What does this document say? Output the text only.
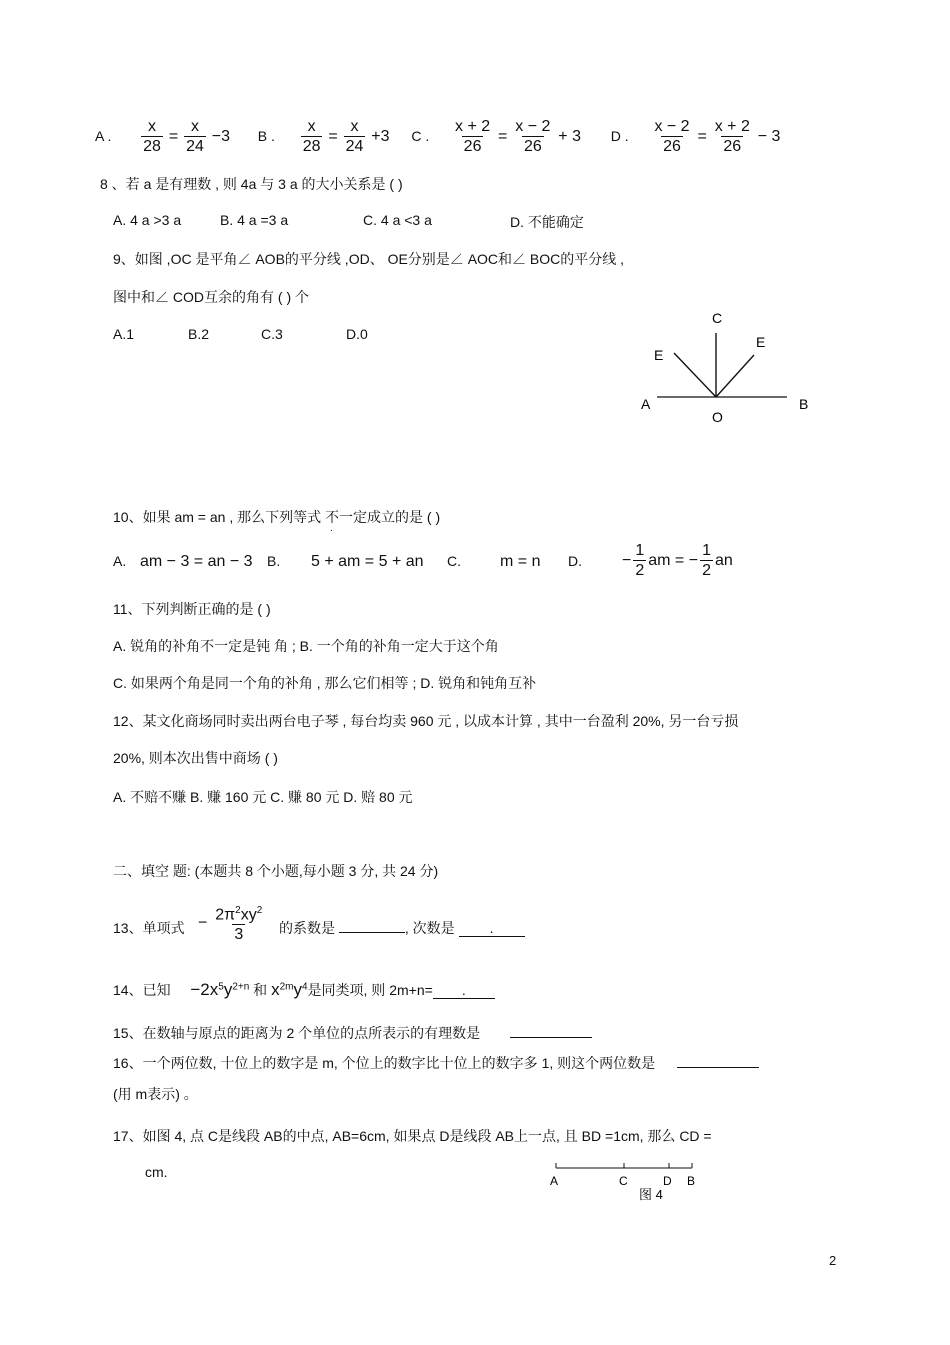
A . $\frac{x}{28} = \frac{x}{24} -3$ B . $\frac{x}{28} = \frac{x}{24} +3$ C . $\frac{x + 2}{26} = \frac{x - 2}{26} + 3$ D . $\frac{x - 2}{26} = \frac{x + 2}{26} - 3$
8 、若 a 是有理数 , 则 4a 与 3 a 的大小关系是 ( )
A. 4 a >3 a	B. 4 a =3 a	C. 4 a <3 a	D. 不能确定
9、如图 ,OC 是平角∠ AOB的平分线 ,OD、 OE分别是∠ AOC和∠ BOC的平分线 ,
图中和∠ COD互余的角有 ( ) 个
A.1	B.2	C.3	D.0
C
E
E
A
O
B
10、如果 am = an , 那么下列等式 不
.
一定成立的是 ( )
A. am − 3 = an − 3 B. 5 + am = 5 + an C. m = n D.	− $\frac{1}{2}$ am = − $\frac{1}{2}$ an
11、下列判断正确的是 ( )
A. 锐角的补角不一定是钝 角 ; B. 一个角的补角一定大于这个角
C. 如果两个角是同一个角的补角 , 那么它们相等 ; D. 锐角和钝角互补
12、某文化商场同时卖出两台电子琴 , 每台均卖 960 元 , 以成本计算 , 其中一台盈利 20%, 另一台亏损
20%, 则本次出售中商场 ( )
A. 不赔不赚 B. 赚 160 元 C. 赚 80 元 D. 赔 80 元
二、填空 题: (本题共 8 个小题,每小题 3 分, 共 24 分)
13、单项式 − $\frac{2\pi^2xy^2}{3}$ 的系数是	, 次数是 .
14、已知 $-2x^5y^{2+n}$ 和 $x^{2m}y^4$是同类项, 则 2m+n= .
15、在数轴与原点的距离为 2 个单位的点所表示的有理数是
16、一个两位数, 十位上的数字是 m, 个位上的数字比十位上的数字多 1, 则这个两位数是
(用 m表示) 。
17、如图 4, 点 C是线段 AB的中点, AB=6cm, 如果点 D是线段 AB上一点, 且 BD =1cm, 那么 CD =
cm.
A	C	D B
图 4
2
